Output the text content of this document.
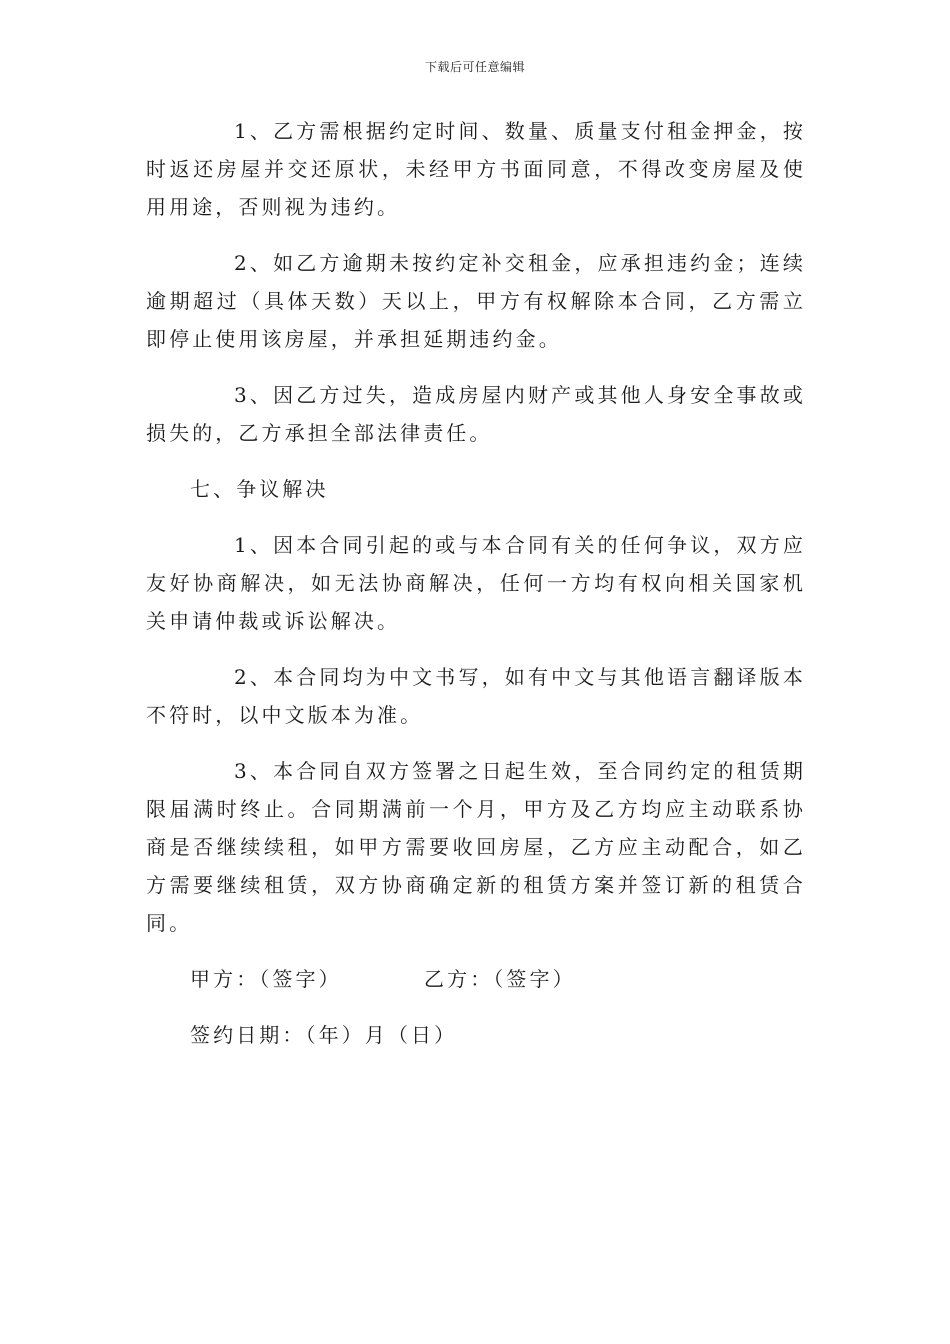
下载后可任意编辑

1、乙方需根据约定时间、数量、质量支付租金押金，按时返还房屋并交还原状，未经甲方书面同意，不得改变房屋及使用用途，否则视为违约。

2、如乙方逾期未按约定补交租金，应承担违约金；连续逾期超过（具体天数）天以上，甲方有权解除本合同，乙方需立即停止使用该房屋，并承担延期违约金。

3、因乙方过失，造成房屋内财产或其他人身安全事故或损失的，乙方承担全部法律责任。

七、争议解决

1、因本合同引起的或与本合同有关的任何争议，双方应友好协商解决，如无法协商解决，任何一方均有权向相关国家机关申请仲裁或诉讼解决。

2、本合同均为中文书写，如有中文与其他语言翻译版本不符时，以中文版本为准。

3、本合同自双方签署之日起生效，至合同约定的租赁期限届满时终止。合同期满前一个月，甲方及乙方均应主动联系协商是否继续续租，如甲方需要收回房屋，乙方应主动配合，如乙方需要继续租赁，双方协商确定新的租赁方案并签订新的租赁合同。

甲方：（签字）	乙方：（签字）

签约日期：（年）月（日）
